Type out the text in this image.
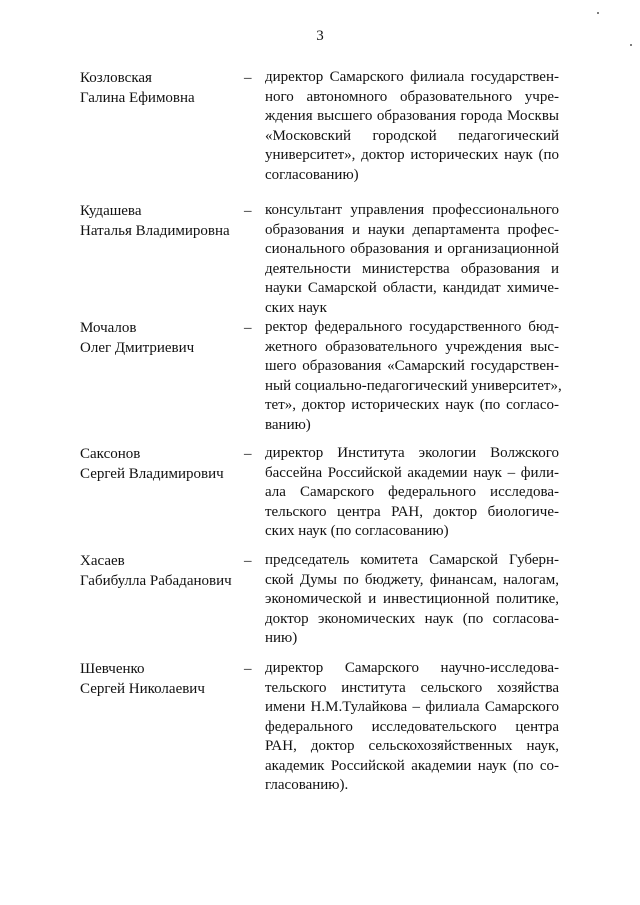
3
Козловская
Галина Ефимовна
– директор Самарского филиала государствен-
ного автономного образовательного учре-
ждения высшего образования города Москвы
«Московский городской педагогический
университет», доктор исторических наук (по
согласованию)
Кудашева
Наталья Владимировна
– консультант управления профессионального
образования и науки департамента профес-
сионального образования и организационной
деятельности министерства образования и
науки Самарской области, кандидат химиче-
ских наук
Мочалов
Олег Дмитриевич
– ректор федерального государственного бюд-
жетного образовательного учреждения выс-
шего образования «Самарский государствен-
ный социально-педагогический университет»,
тет», доктор исторических наук (по согласо-
ванию)
Саксонов
Сергей Владимирович
– директор Института экологии Волжского
бассейна Российской академии наук – фили-
ала Самарского федерального исследова-
тельского центра РАН, доктор биологиче-
ских наук (по согласованию)
Хасаев
Габибулла Рабаданович
– председатель комитета Самарской Губерн-
ской Думы по бюджету, финансам, налогам,
экономической и инвестиционной политике,
доктор экономических наук (по согласова-
нию)
Шевченко
Сергей Николаевич
– директор Самарского научно-исследова-
тельского института сельского хозяйства
имени Н.М.Тулайкова – филиала Самарского
федерального исследовательского центра
РАН, доктор сельскохозяйственных наук,
академик Российской академии наук (по со-
гласованию).
